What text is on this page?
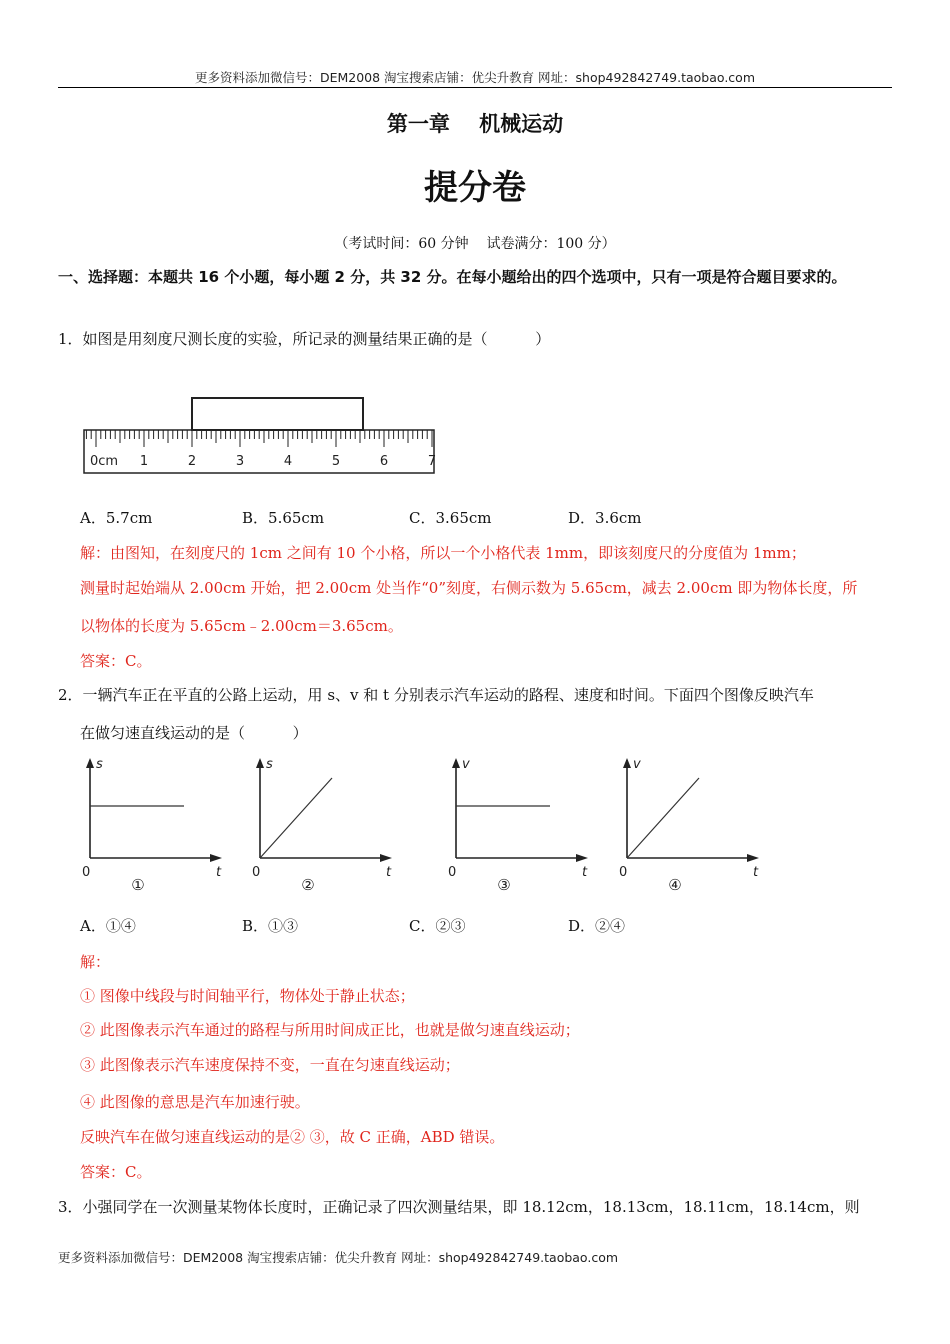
更多资料添加微信号：DEM2008 淘宝搜索店铺：优尖升教育 网址：shop492842749.taobao.com
第一章    机械运动
提分卷
（考试时间：60 分钟    试卷满分：100 分）
一、选择题：本题共 16 个小题，每小题 2 分，共 32 分。在每小题给出的四个选项中，只有一项是符合题目要求的。
1．如图是用刻度尺测长度的实验，所记录的测量结果正确的是（          ）
0cm 1	2	3	4	5	6	7
A．5.7cm	B．5.65cm	C．3.65cm	D．3.6cm
解：由图知，在刻度尺的 1cm 之间有 10 个小格，所以一个小格代表 1mm，即该刻度尺的分度值为 1mm；
测量时起始端从 2.00cm 开始，把 2.00cm 处当作“0”刻度，右侧示数为 5.65cm，减去 2.00cm 即为物体长度，所
以物体的长度为 5.65cm﹣2.00cm＝3.65cm。
答案：C。
2．一辆汽车正在平直的公路上运动，用 s、v 和 t 分别表示汽车运动的路程、速度和时间。下面四个图像反映汽车
在做匀速直线运动的是（          ）
s
t
0
①
s
t
0
②
v
t
0
③
v
t
0
④
A．①④	B．①③	C．②③	D．②④
解：
① 图像中线段与时间轴平行，物体处于静止状态；
② 此图像表示汽车通过的路程与所用时间成正比，也就是做匀速直线运动；
③ 此图像表示汽车速度保持不变，一直在匀速直线运动；
④ 此图像的意思是汽车加速行驶。
反映汽车在做匀速直线运动的是② ③，故 C 正确，ABD 错误。
答案：C。
3．小强同学在一次测量某物体长度时，正确记录了四次测量结果，即 18.12cm，18.13cm，18.11cm，18.14cm，则
更多资料添加微信号：DEM2008 淘宝搜索店铺：优尖升教育 网址：shop492842749.taobao.com
